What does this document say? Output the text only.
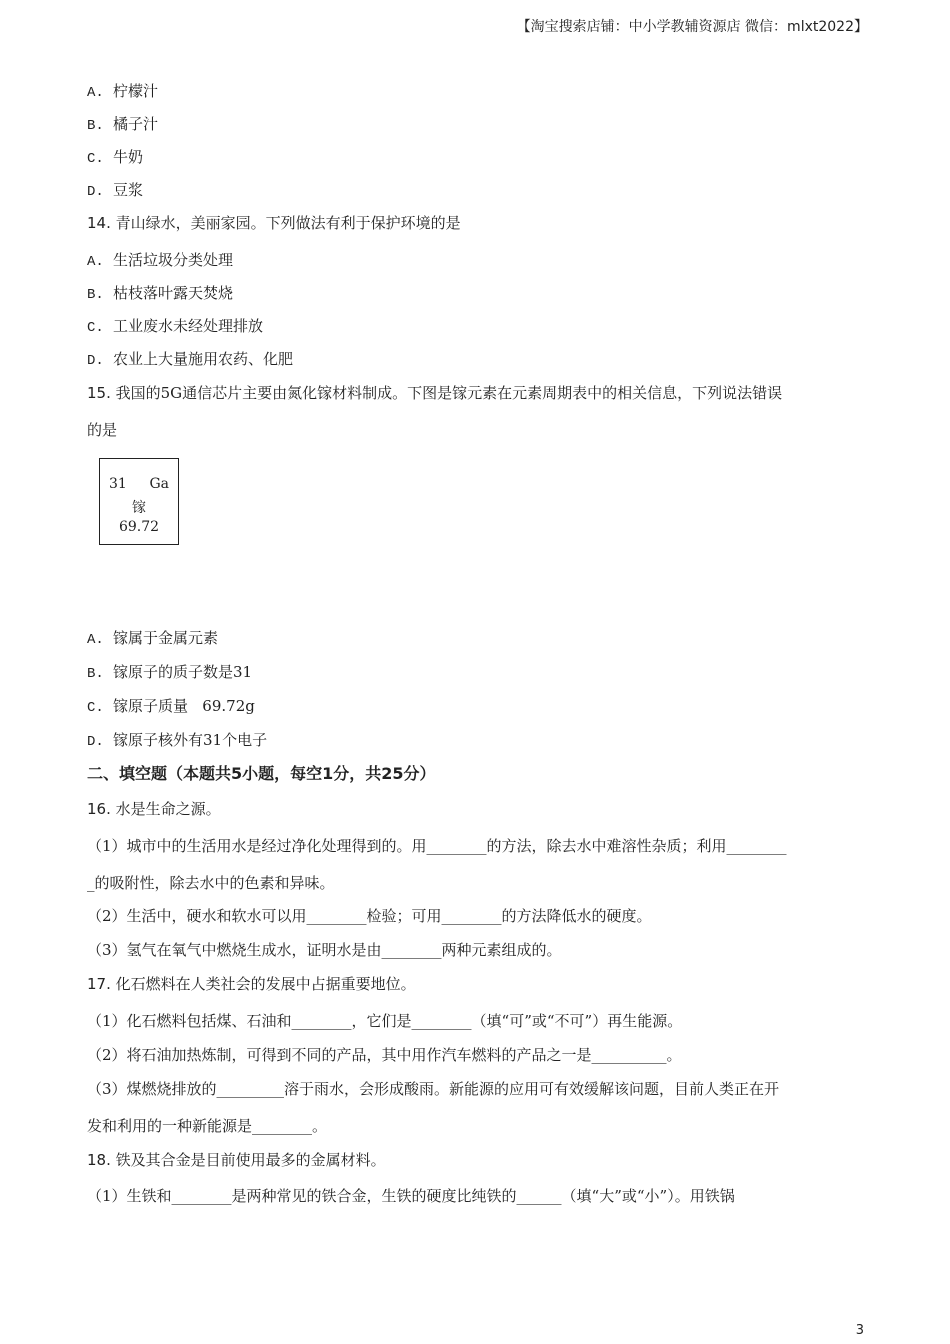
【淘宝搜索店铺：中小学教辅资源店 微信：mlxt2022】
A. 柠檬汁
B. 橘子汁
C. 牛奶
D. 豆浆
14. 青山绿水，美丽家园。下列做法有利于保护环境的是
A. 生活垃圾分类处理
B. 枯枝落叶露天焚烧
C. 工业废水未经处理排放
D. 农业上大量施用农药、化肥
15. 我国的5G通信芯片主要由氮化镓材料制成。下图是镓元素在元素周期表中的相关信息，下列说法错误
的是
31 Ga
镓
69.72
A. 镓属于金属元素
B. 镓原子的质子数是31
C. 镓原子质量   69.72g
D. 镓原子核外有31个电子
二、填空题（本题共5小题，每空1分，共25分）
16. 水是生命之源。
（1）城市中的生活用水是经过净化处理得到的。用________的方法，除去水中难溶性杂质；利用________
_的吸附性，除去水中的色素和异味。
（2）生活中，硬水和软水可以用________检验；可用________的方法降低水的硬度。
（3）氢气在氧气中燃烧生成水，证明水是由________两种元素组成的。
17. 化石燃料在人类社会的发展中占据重要地位。
（1）化石燃料包括煤、石油和________，它们是________（填“可”或“不可”）再生能源。
（2）将石油加热炼制，可得到不同的产品，其中用作汽车燃料的产品之一是__________。
（3）煤燃烧排放的_________溶于雨水，会形成酸雨。新能源的应用可有效缓解该问题，目前人类正在开
发和利用的一种新能源是________。
18. 铁及其合金是目前使用最多的金属材料。
（1）生铁和________是两种常见的铁合金，生铁的硬度比纯铁的______（填“大”或“小”）。用铁锅
3
